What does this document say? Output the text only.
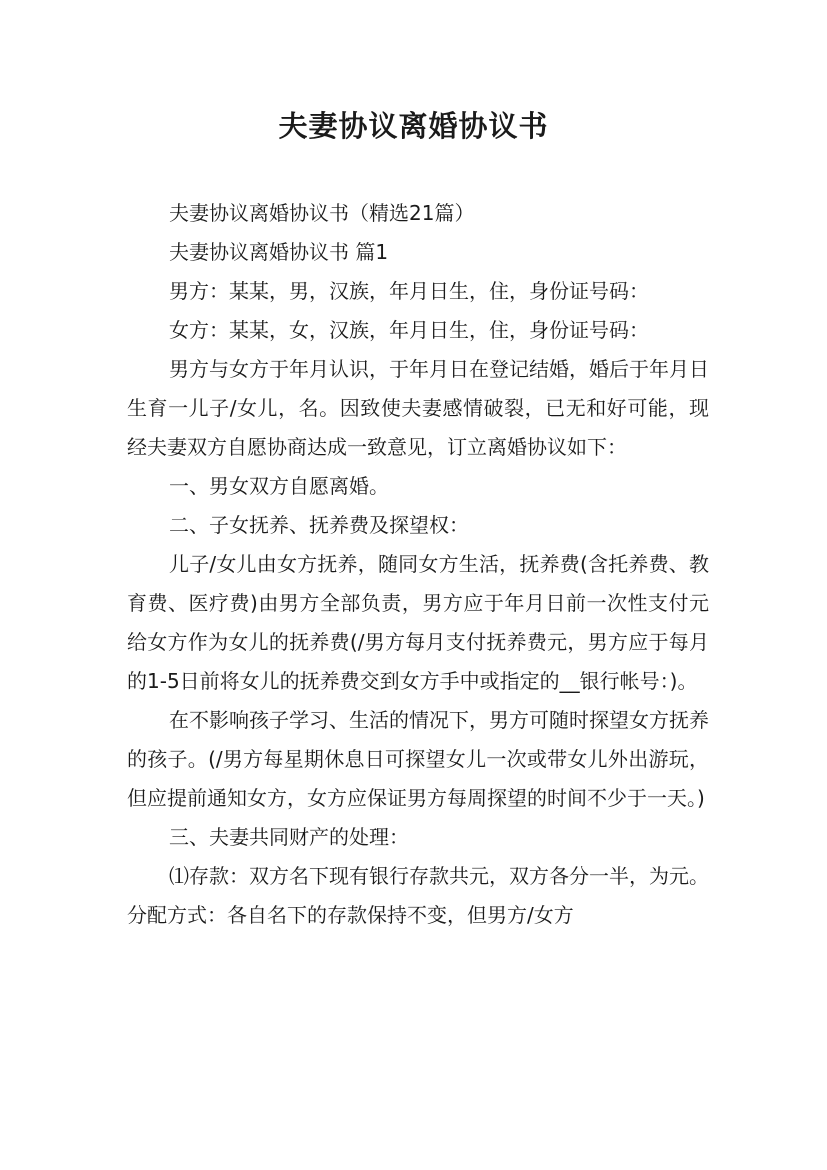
夫妻协议离婚协议书

夫妻协议离婚协议书（精选21篇）

夫妻协议离婚协议书 篇1

男方：某某，男，汉族，年月日生，住，身份证号码：

女方：某某，女，汉族，年月日生，住，身份证号码：

男方与女方于年月认识，于年月日在登记结婚，婚后于年月日生育一儿子/女儿，名。因致使夫妻感情破裂，已无和好可能，现经夫妻双方自愿协商达成一致意见，订立离婚协议如下：

一、男女双方自愿离婚。

二、子女抚养、抚养费及探望权：

儿子/女儿由女方抚养，随同女方生活，抚养费(含托养费、教育费、医疗费)由男方全部负责，男方应于年月日前一次性支付元给女方作为女儿的抚养费(/男方每月支付抚养费元，男方应于每月的1-5日前将女儿的抚养费交到女方手中或指定的__银行帐号：)。

在不影响孩子学习、生活的情况下，男方可随时探望女方抚养的孩子。(/男方每星期休息日可探望女儿一次或带女儿外出游玩，但应提前通知女方，女方应保证男方每周探望的时间不少于一天。)

三、夫妻共同财产的处理：

⑴存款：双方名下现有银行存款共元，双方各分一半，为元。分配方式：各自名下的存款保持不变，但男方/女方
